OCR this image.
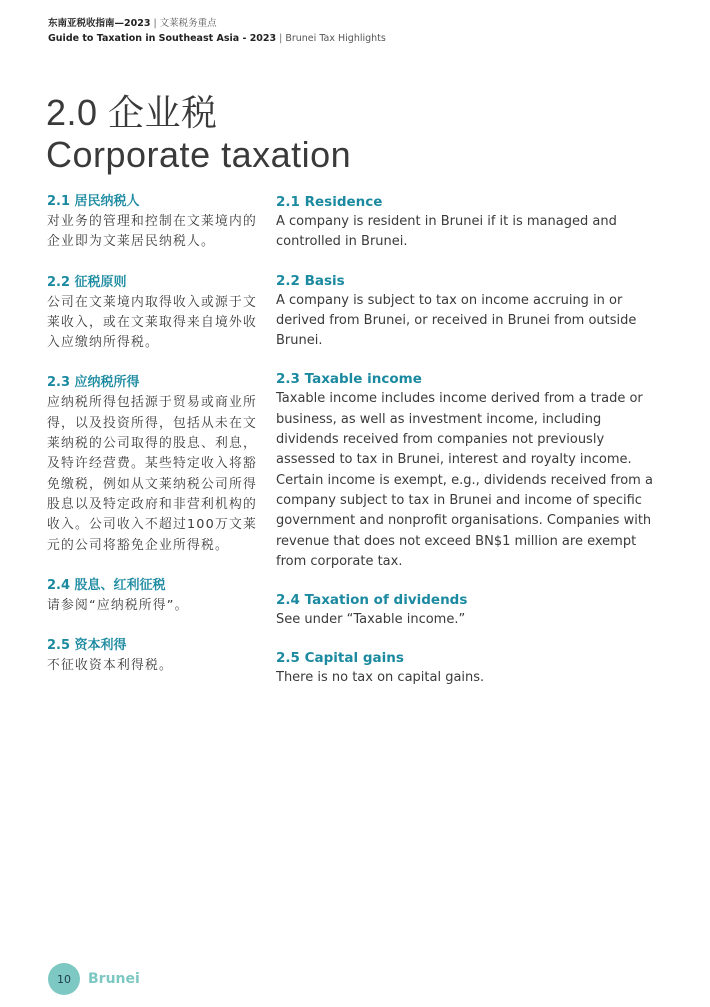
东南亚税收指南—2023 | 文莱税务重点
Guide to Taxation in Southeast Asia - 2023 | Brunei Tax Highlights
2.0 企业税
Corporate taxation
2.1 居民纳税人

对业务的管理和控制在文莱境内的企业即为文莱居民纳税人。

2.2 征税原则

公司在文莱境内取得收入或源于文莱收入，或在文莱取得来自境外收入应缴纳所得税。

2.3 应纳税所得

应纳税所得包括源于贸易或商业所得，以及投资所得，包括从未在文莱纳税的公司取得的股息、利息，及特许经营费。某些特定收入将豁免缴税，例如从文莱纳税公司所得股息以及特定政府和非营利机构的收入。公司收入不超过100万文莱元的公司将豁免企业所得税。

2.4 股息、红利征税

请参阅“应纳税所得”。

2.5 资本利得

不征收资本利得税。

2.1 Residence

A company is resident in Brunei if it is managed and controlled in Brunei.

2.2 Basis

A company is subject to tax on income accruing in or derived from Brunei, or received in Brunei from outside Brunei.

2.3 Taxable income

Taxable income includes income derived from a trade or business, as well as investment income, including dividends received from companies not previously assessed to tax in Brunei, interest and royalty income. Certain income is exempt, e.g., dividends received from a company subject to tax in Brunei and income of specific government and nonprofit organisations. Companies with revenue that does not exceed BN$1 million are exempt from corporate tax.

2.4 Taxation of dividends

See under “Taxable income.”

2.5 Capital gains

There is no tax on capital gains.

10	Brunei
